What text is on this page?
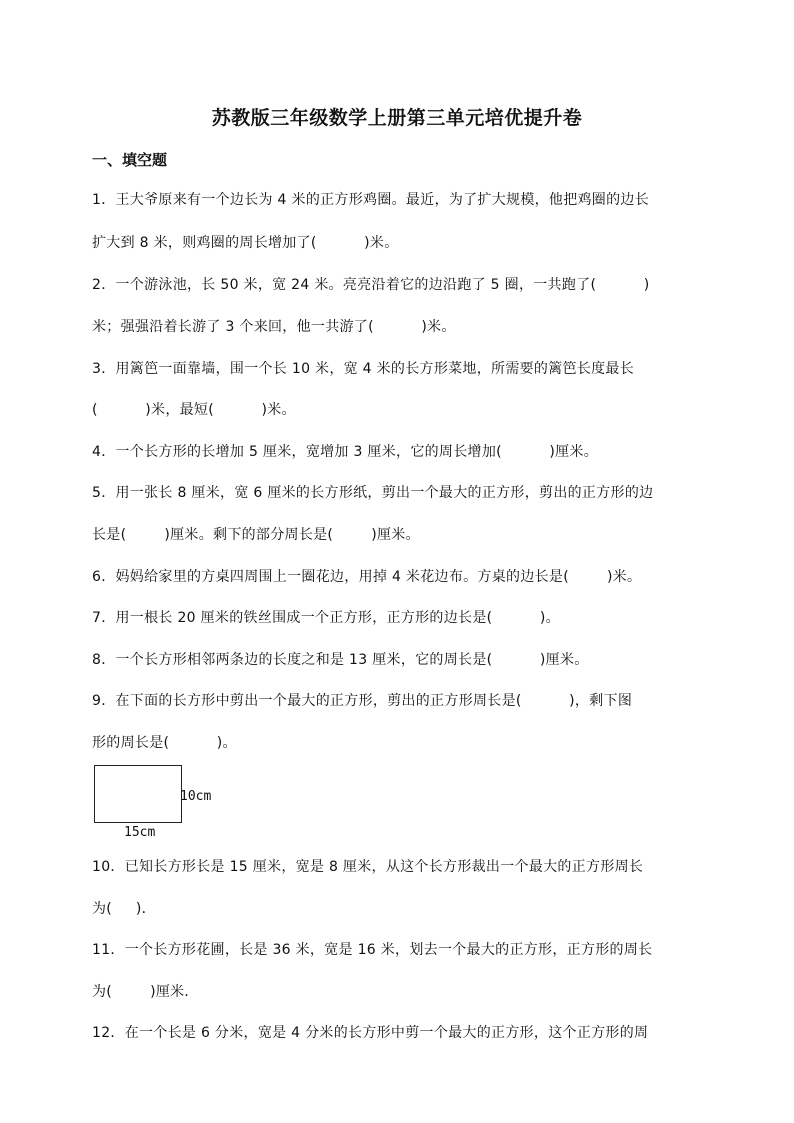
苏教版三年级数学上册第三单元培优提升卷
一、填空题
1．王大爷原来有一个边长为 4 米的正方形鸡圈。最近，为了扩大规模，他把鸡圈的边长
扩大到 8 米，则鸡圈的周长增加了(          )米。
2．一个游泳池，长 50 米，宽 24 米。亮亮沿着它的边沿跑了 5 圈，一共跑了(          )
米；强强沿着长游了 3 个来回，他一共游了(          )米。
3．用篱笆一面靠墙，围一个长 10 米，宽 4 米的长方形菜地，所需要的篱笆长度最长
(          )米，最短(          )米。
4．一个长方形的长增加 5 厘米，宽增加 3 厘米，它的周长增加(          )厘米。
5．用一张长 8 厘米，宽 6 厘米的长方形纸，剪出一个最大的正方形，剪出的正方形的边
长是(        )厘米。剩下的部分周长是(        )厘米。
6．妈妈给家里的方桌四周围上一圈花边，用掉 4 米花边布。方桌的边长是(        )米。
7．用一根长 20 厘米的铁丝围成一个正方形，正方形的边长是(          )。
8．一个长方形相邻两条边的长度之和是 13 厘米，它的周长是(          )厘米。
9．在下面的长方形中剪出一个最大的正方形，剪出的正方形周长是(          )，剩下图
形的周长是(          )。
10cm
15cm
10．已知长方形长是 15 厘米，宽是 8 厘米，从这个长方形裁出一个最大的正方形周长
为(     )．
11．一个长方形花圃，长是 36 米，宽是 16 米，划去一个最大的正方形，正方形的周长
为(        )厘米．
12．在一个长是 6 分米，宽是 4 分米的长方形中剪一个最大的正方形，这个正方形的周
